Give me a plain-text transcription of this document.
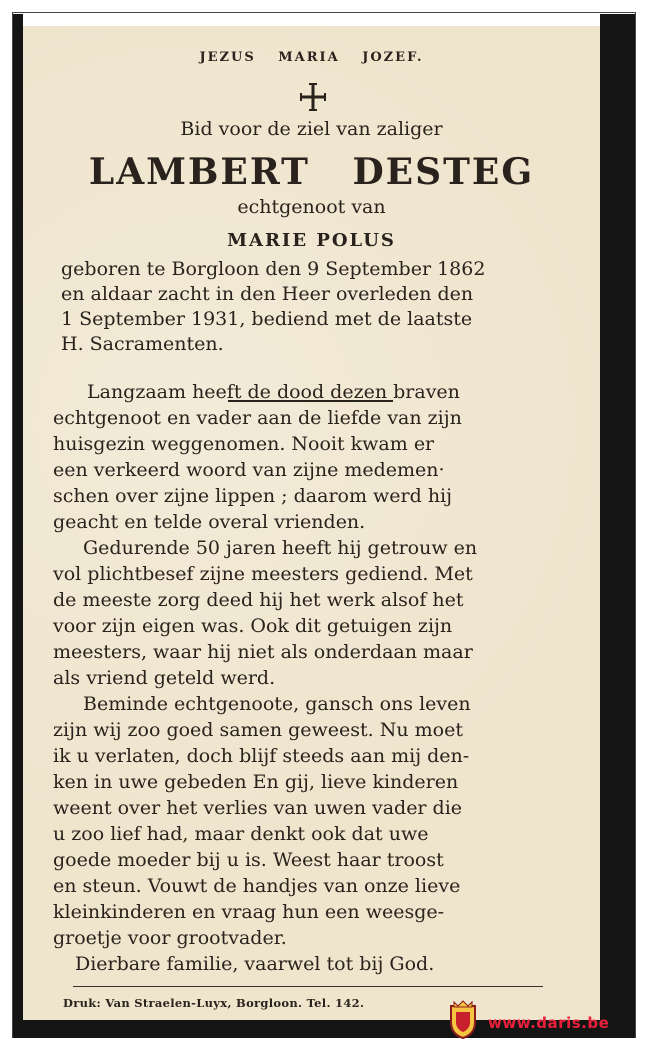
JEZUS MARIA JOZEF.
Bid voor de ziel van zaliger
LAMBERT DESTEG
echtgenoot van
MARIE POLUS
geboren te Borgloon den 9 September 1862
en aldaar zacht in den Heer overleden den
1 September 1931, bediend met de laatste
H. Sacramenten.
Langzaam heeft de dood dezen braven
echtgenoot en vader aan de liefde van zijn
huisgezin weggenomen. Nooit kwam er
een verkeerd woord van zijne medemen·
schen over zijne lippen ; daarom werd hij
geacht en telde overal vrienden.
Gedurende 50 jaren heeft hij getrouw en
vol plichtbesef zijne meesters gediend. Met
de meeste zorg deed hij het werk alsof het
voor zijn eigen was. Ook dit getuigen zijn
meesters, waar hij niet als onderdaan maar
als vriend geteld werd.
Beminde echtgenoote, gansch ons leven
zijn wij zoo goed samen geweest. Nu moet
ik u verlaten, doch blijf steeds aan mij den-
ken in uwe gebeden En gij, lieve kinderen
weent over het verlies van uwen vader die
u zoo lief had, maar denkt ook dat uwe
goede moeder bij u is. Weest haar troost
en steun. Vouwt de handjes van onze lieve
kleinkinderen en vraag hun een weesge-
groetje voor grootvader.
Dierbare familie, vaarwel tot bij God.
Druk: Van Straelen-Luyx, Borgloon. Tel. 142.
www.daris.be
